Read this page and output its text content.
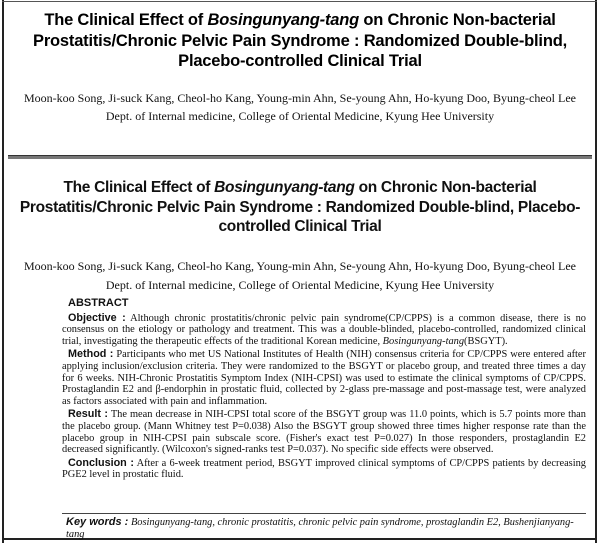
The Clinical Effect of Bosingunyang-tang on Chronic Non-bacterial Prostatitis/Chronic Pelvic Pain Syndrome : Randomized Double-blind, Placebo-controlled Clinical Trial
Moon-koo Song, Ji-suck Kang, Cheol-ho Kang, Young-min Ahn, Se-young Ahn, Ho-kyung Doo, Byung-cheol Lee
Dept. of Internal medicine, College of Oriental Medicine, Kyung Hee University
The Clinical Effect of Bosingunyang-tang on Chronic Non-bacterial Prostatitis/Chronic Pelvic Pain Syndrome : Randomized Double-blind, Placebo-controlled Clinical Trial
Moon-koo Song, Ji-suck Kang, Cheol-ho Kang, Young-min Ahn, Se-young Ahn, Ho-kyung Doo, Byung-cheol Lee
Dept. of Internal medicine, College of Oriental Medicine, Kyung Hee University
ABSTRACT

Objective : Although chronic prostatitis/chronic pelvic pain syndrome(CP/CPPS) is a common disease, there is no consensus on the etiology or pathology and treatment. This was a double-blinded, placebo-controlled, randomized clinical trial, investigating the therapeutic effects of the traditional Korean medicine, Bosingunyang-tang(BSGYT).

Method : Participants who met US National Institutes of Health (NIH) consensus criteria for CP/CPPS were entered after applying inclusion/exclusion criteria. They were randomized to the BSGYT or placebo group, and treated three times a day for 6 weeks. NIH-Chronic Prostatitis Symptom Index (NIH-CPSI) was used to estimate the clinical symptoms of CP/CPPS. Prostaglandin E2 and β-endorphin in prostatic fluid, collected by 2-glass pre-massage and post-massage test, were analyzed as factors associated with pain and inflammation.

Result : The mean decrease in NIH-CPSI total score of the BSGYT group was 11.0 points, which is 5.7 points more than the placebo group. (Mann Whitney test P=0.038) Also the BSGYT group showed three times higher response rate than the placebo group in NIH-CPSI pain subscale score. (Fisher's exact test P=0.027) In those responders, prostaglandin E2 decreased significantly. (Wilcoxon's signed-ranks test P=0.037). No specific side effects were observed.

Conclusion : After a 6-week treatment period, BSGYT improved clinical symptoms of CP/CPPS patients by decreasing PGE2 level in prostatic fluid.

Key words : Bosingunyang-tang, chronic prostatitis, chronic pelvic pain syndrome, prostaglandin E2, Bushenjianyang-tang
